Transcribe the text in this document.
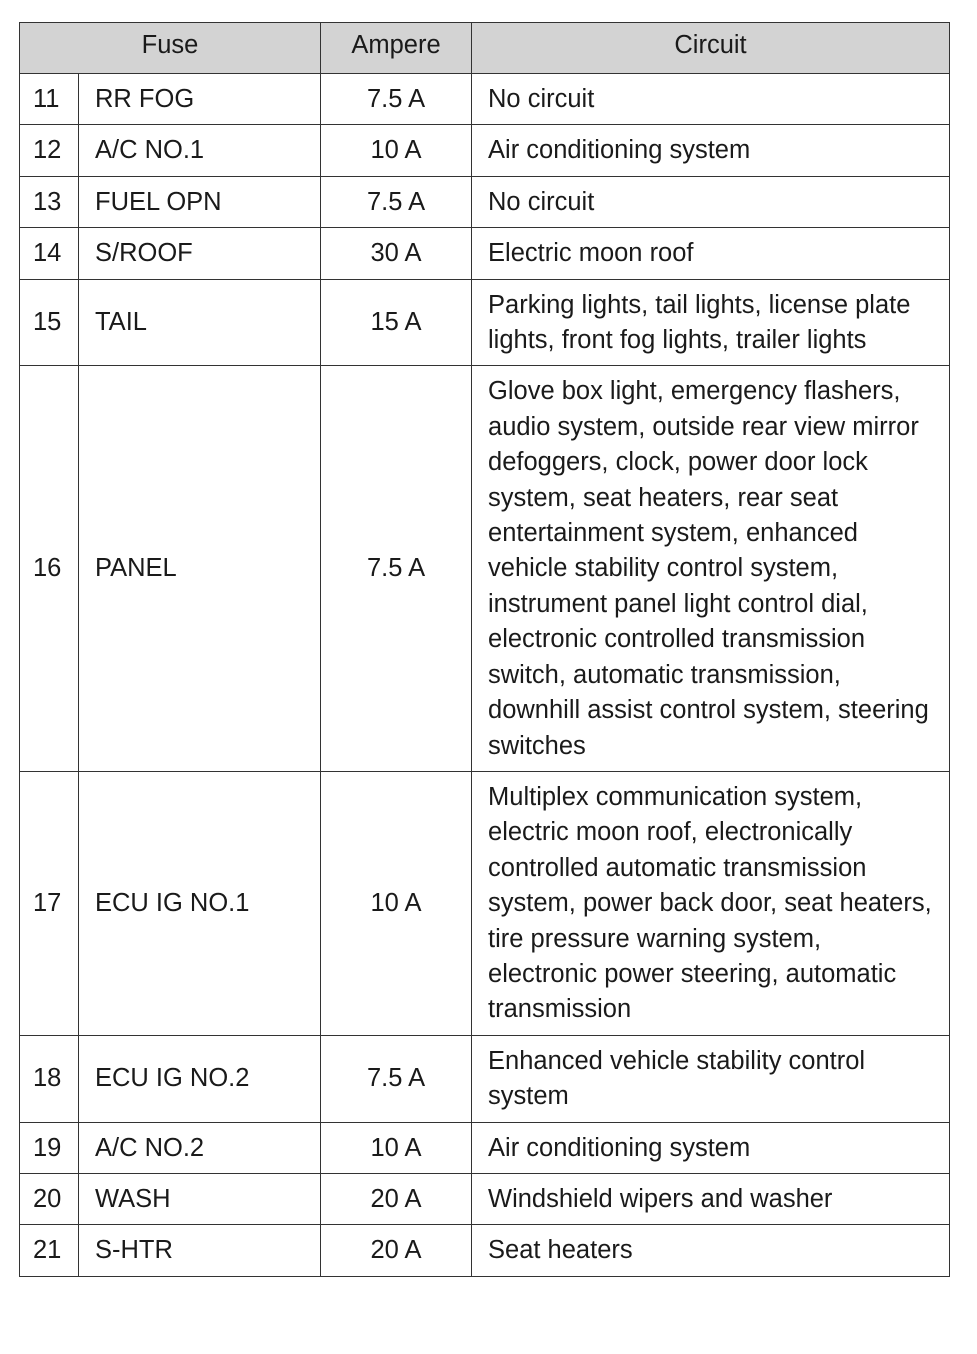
Fuse		Ampere	Circuit
11	RR FOG	7.5 A	No circuit
12	A/C NO.1	10 A	Air conditioning system
13	FUEL OPN	7.5 A	No circuit
14	S/ROOF	30 A	Electric moon roof
15	TAIL	15 A	Parking lights, tail lights, license plate lights, front fog lights, trailer lights
16	PANEL	7.5 A	Glove box light, emergency flashers, audio system, outside rear view mirror defoggers, clock, power door lock system, seat heaters, rear seat entertainment system, enhanced vehicle stability control system, instrument panel light control dial, electronic controlled transmission switch, automatic transmission, downhill assist control system, steering switches
17	ECU IG NO.1	10 A	Multiplex communication system, electric moon roof, electronically controlled automatic transmission system, power back door, seat heaters, tire pressure warning system, electronic power steering, automatic transmission
18	ECU IG NO.2	7.5 A	Enhanced vehicle stability control system
19	A/C NO.2	10 A	Air conditioning system
20	WASH	20 A	Windshield wipers and washer
21	S-HTR	20 A	Seat heaters
